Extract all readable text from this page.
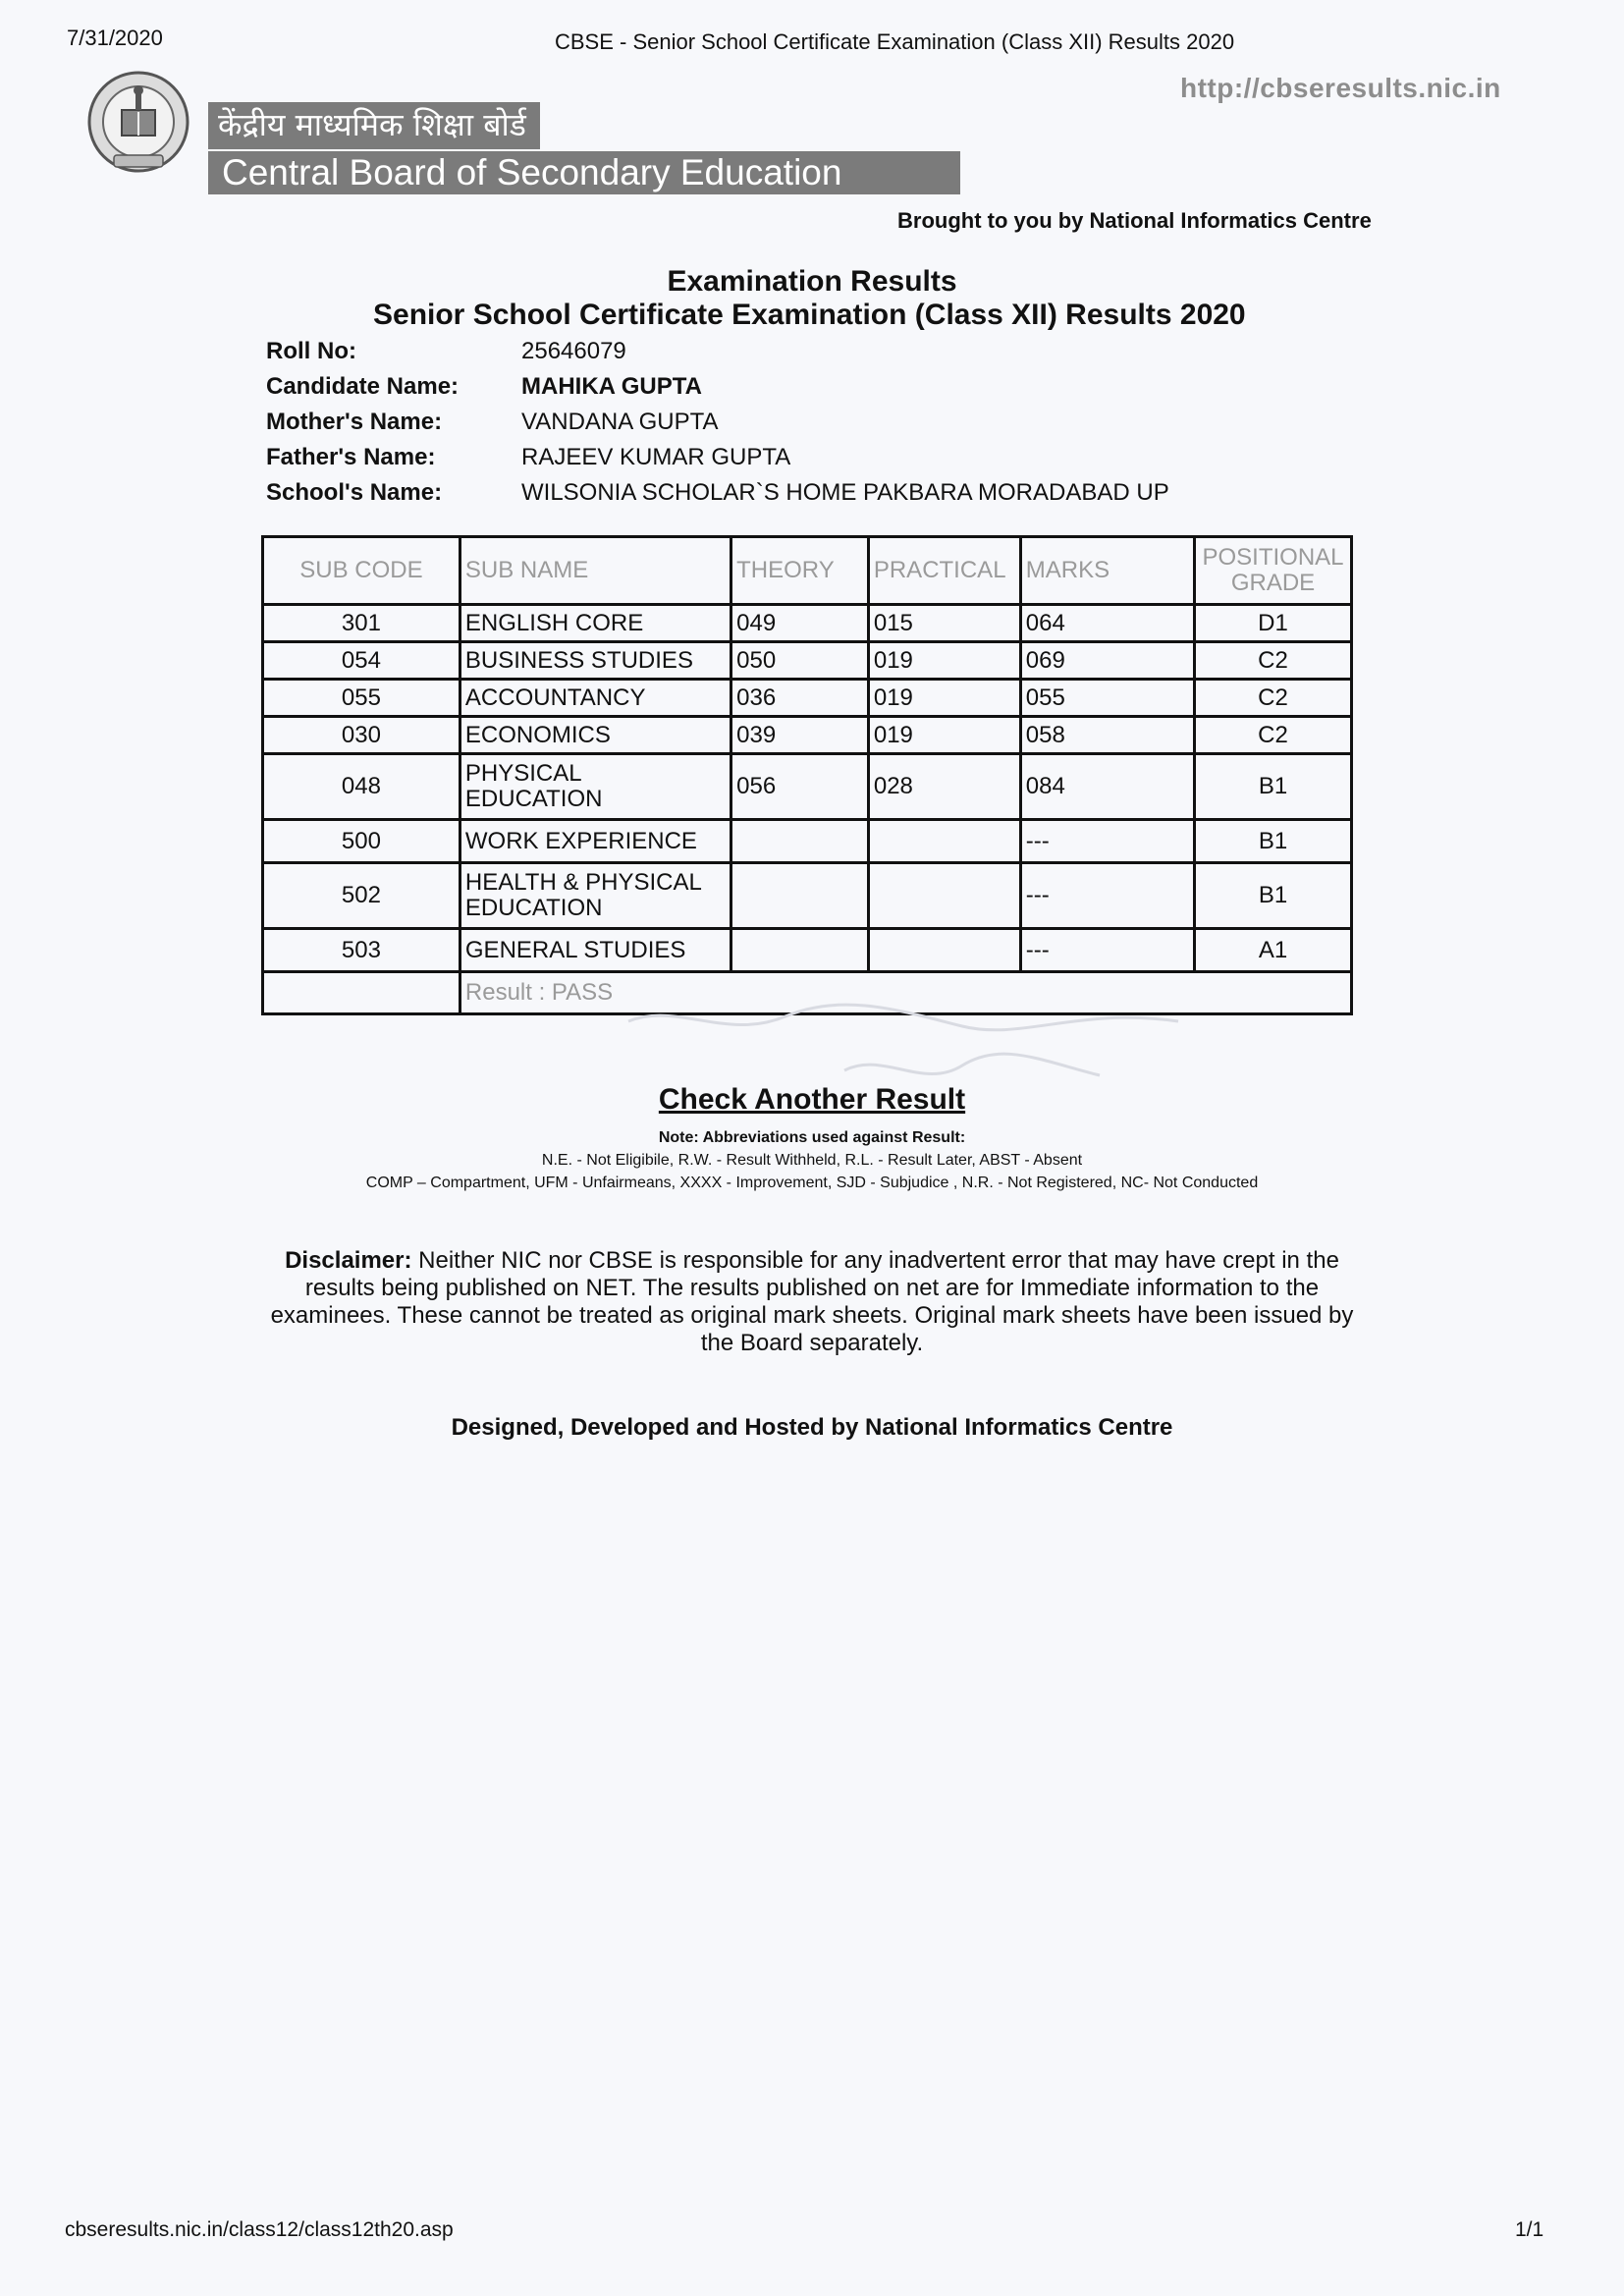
7/31/2020	CBSE - Senior School Certificate Examination (Class XII) Results 2020
http://cbseresults.nic.in
केंद्रीय माध्यमिक शिक्षा बोर्ड
Central Board of Secondary Education
Brought to you by National Informatics Centre
Examination Results
Senior School Certificate Examination (Class XII) Results 2020
Roll No:	25646079
Candidate Name:	MAHIKA GUPTA
Mother's Name:	VANDANA GUPTA
Father's Name:	RAJEEV KUMAR GUPTA
School's Name:	WILSONIA SCHOLAR`S HOME PAKBARA MORADABAD UP
SUB CODE	SUB NAME	THEORY	PRACTICAL	MARKS	POSITIONAL
GRADE

301	ENGLISH CORE	049	015	064	D1
054	BUSINESS STUDIES	050	019	069	C2
055	ACCOUNTANCY	036	019	055	C2
030	ECONOMICS	039	019	058	C2
048	PHYSICAL
EDUCATION	056	028	084	B1
500	WORK EXPERIENCE			---	B1
502	HEALTH & PHYSICAL
EDUCATION			---	B1
503	GENERAL STUDIES			---	A1
	Result : PASS				
Check Another Result
Note: Abbreviations used against Result:
N.E. - Not Eligibile, R.W. - Result Withheld, R.L. - Result Later, ABST - Absent
COMP – Compartment, UFM - Unfairmeans, XXXX - Improvement, SJD - Subjudice , N.R. - Not Registered, NC- Not Conducted
Disclaimer: Neither NIC nor CBSE is responsible for any inadvertent error that may have crept in the results being published on NET. The results published on net are for Immediate information to the examinees. These cannot be treated as original mark sheets. Original mark sheets have been issued by the Board separately.
Designed, Developed and Hosted by National Informatics Centre
cbseresults.nic.in/class12/class12th20.asp	1/1
